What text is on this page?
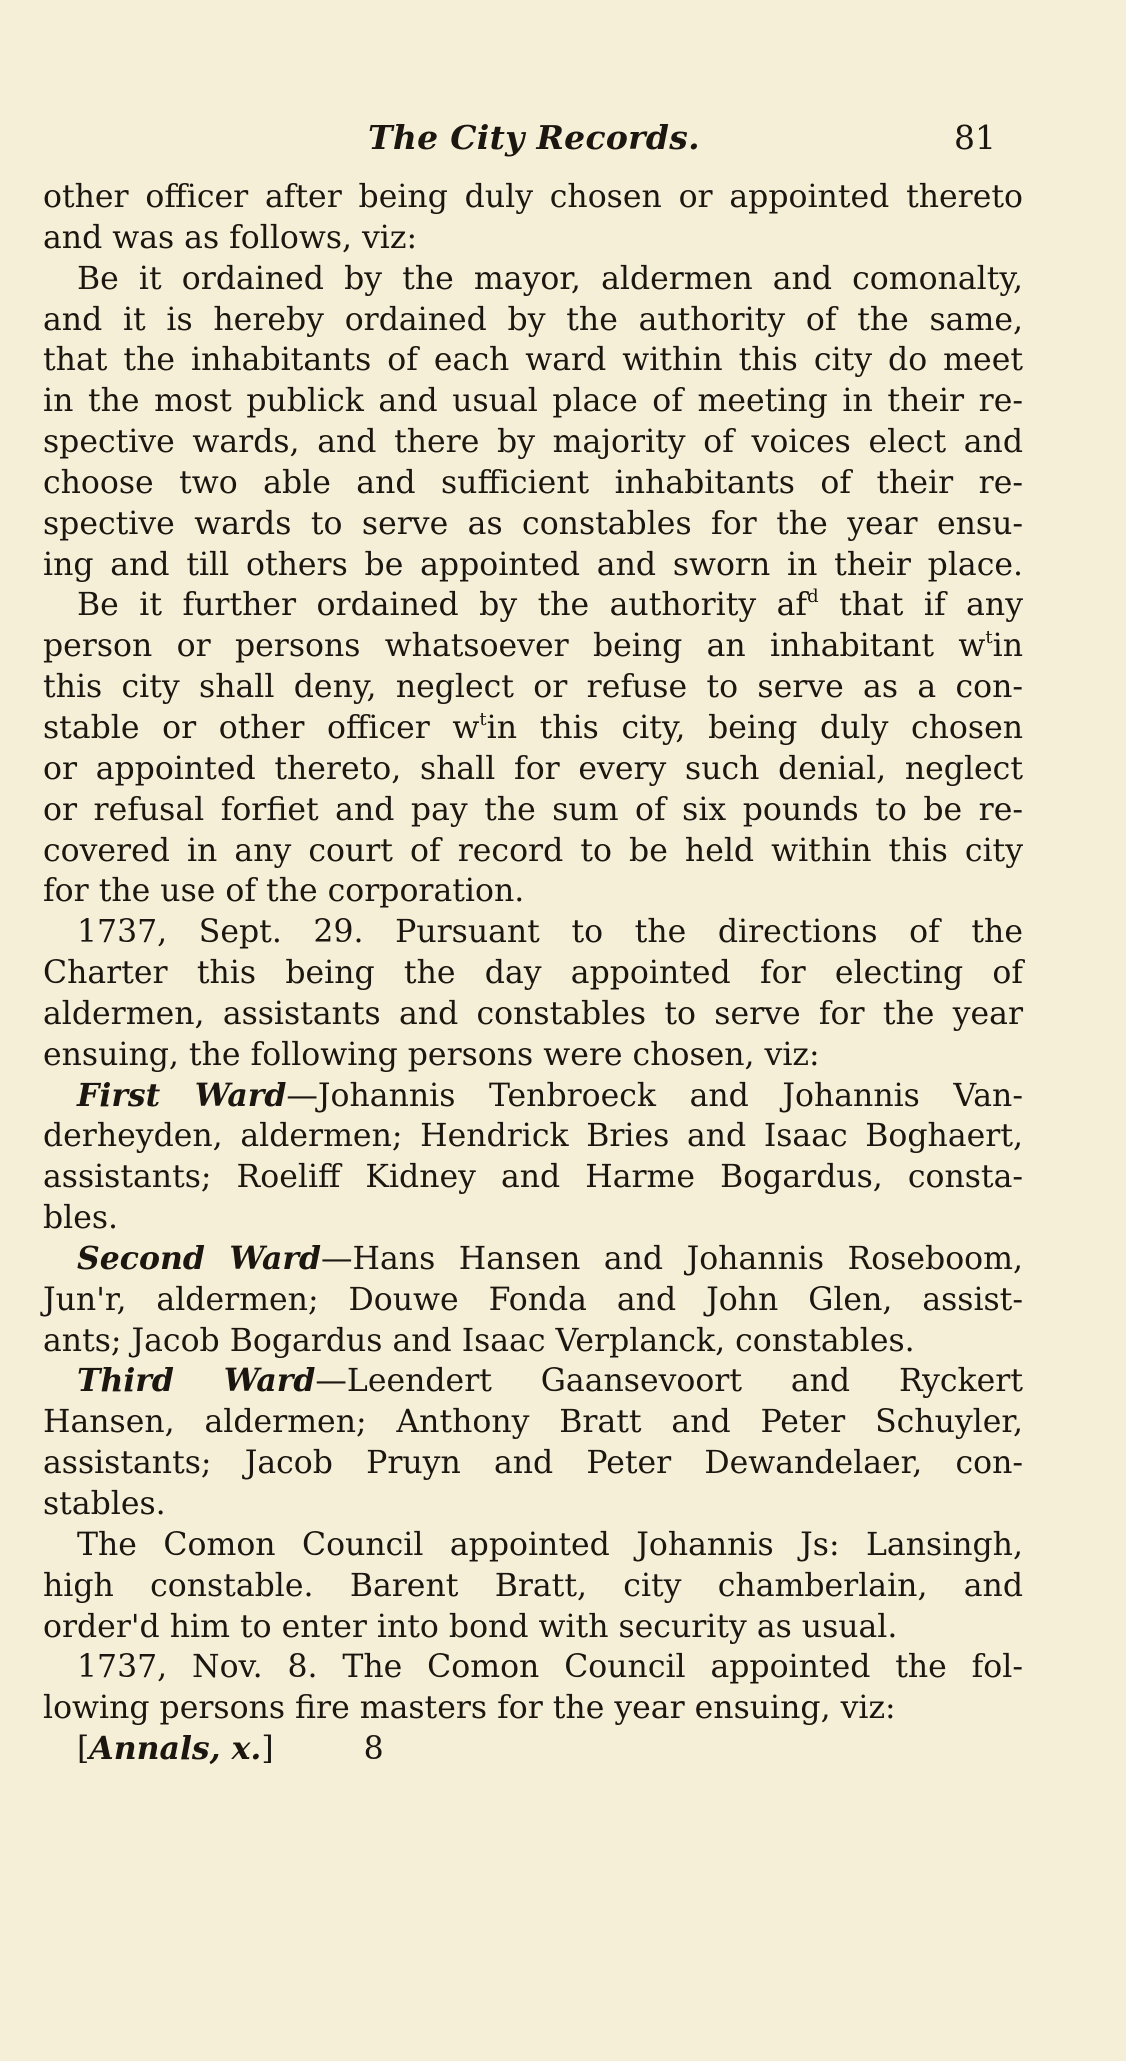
The City Records.	81
other officer after being duly chosen or appointed thereto
and was as follows, viz:
Be it ordained by the mayor, aldermen and comonalty,
and it is hereby ordained by the authority of the same,
that the inhabitants of each ward within this city do meet
in the most publick and usual place of meeting in their re-
spective wards, and there by majority of voices elect and
choose two able and sufficient inhabitants of their re-
spective wards to serve as constables for the year ensu-
ing and till others be appointed and sworn in their place.
Be it further ordained by the authority $af^d$ that if any
person or persons whatsoever being an inhabitant $w^tin$
this city shall deny, neglect or refuse to serve as a con-
stable or other officer $w^tin$ this city, being duly chosen
or appointed thereto, shall for every such denial, neglect
or refusal forfiet and pay the sum of six pounds to be re-
covered in any court of record to be held within this city
for the use of the corporation.
1737, Sept. 29. Pursuant to the directions of the
Charter this being the day appointed for electing of
aldermen, assistants and constables to serve for the year
ensuing, the following persons were chosen, viz:
First Ward—Johannis Tenbroeck and Johannis Van-
derheyden, aldermen; Hendrick Bries and Isaac Boghaert,
assistants; Roeliff Kidney and Harme Bogardus, consta-
bles.
Second Ward—Hans Hansen and Johannis Roseboom,
Jun'r, aldermen; Douwe Fonda and John Glen, assist-
ants; Jacob Bogardus and Isaac Verplanck, constables.
Third Ward—Leendert Gaansevoort and Ryckert
Hansen, aldermen; Anthony Bratt and Peter Schuyler,
assistants; Jacob Pruyn and Peter Dewandelaer, con-
stables.
The Comon Council appointed Johannis Js: Lansingh,
high constable. Barent Bratt, city chamberlain, and
order'd him to enter into bond with security as usual.
1737, Nov. 8. The Comon Council appointed the fol-
lowing persons fire masters for the year ensuing, viz:
[Annals, x.]	8
